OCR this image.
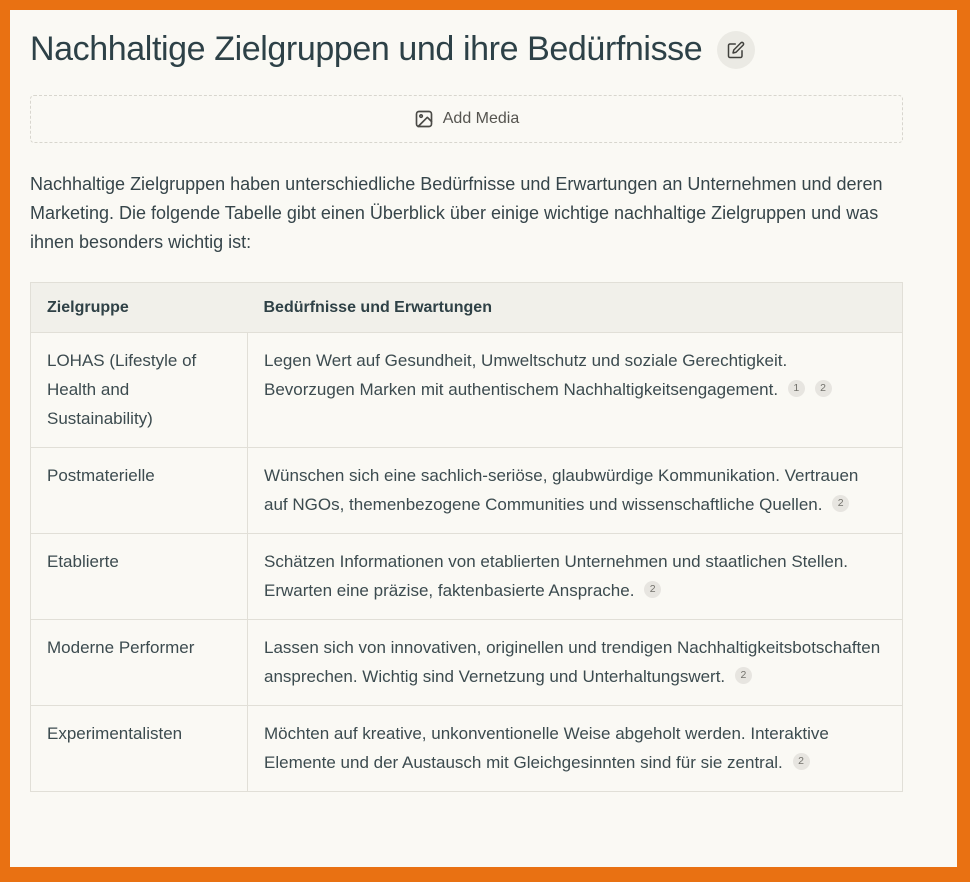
Nachhaltige Zielgruppen und ihre Bedürfnisse
Add Media

Nachhaltige Zielgruppen haben unterschiedliche Bedürfnisse und Erwartungen an Unternehmen und deren Marketing. Die folgende Tabelle gibt einen Überblick über einige wichtige nachhaltige Zielgruppen und was ihnen besonders wichtig ist:

Zielgruppe	Bedürfnisse und Erwartungen
LOHAS (Lifestyle of Health and Sustainability)	Legen Wert auf Gesundheit, Umweltschutz und soziale Gerechtigkeit. Bevorzugen Marken mit authentischem Nachhaltigkeitsengagement. 1 2
Postmaterielle	Wünschen sich eine sachlich-seriöse, glaubwürdige Kommunikation. Vertrauen auf NGOs, themenbezogene Communities und wissenschaftliche Quellen. 2
Etablierte	Schätzen Informationen von etablierten Unternehmen und staatlichen Stellen. Erwarten eine präzise, faktenbasierte Ansprache. 2
Moderne Performer	Lassen sich von innovativen, originellen und trendigen Nachhaltigkeitsbotschaften ansprechen. Wichtig sind Vernetzung und Unterhaltungswert. 2
Experimentalisten	Möchten auf kreative, unkonventionelle Weise abgeholt werden. Interaktive Elemente und der Austausch mit Gleichgesinnten sind für sie zentral. 2
